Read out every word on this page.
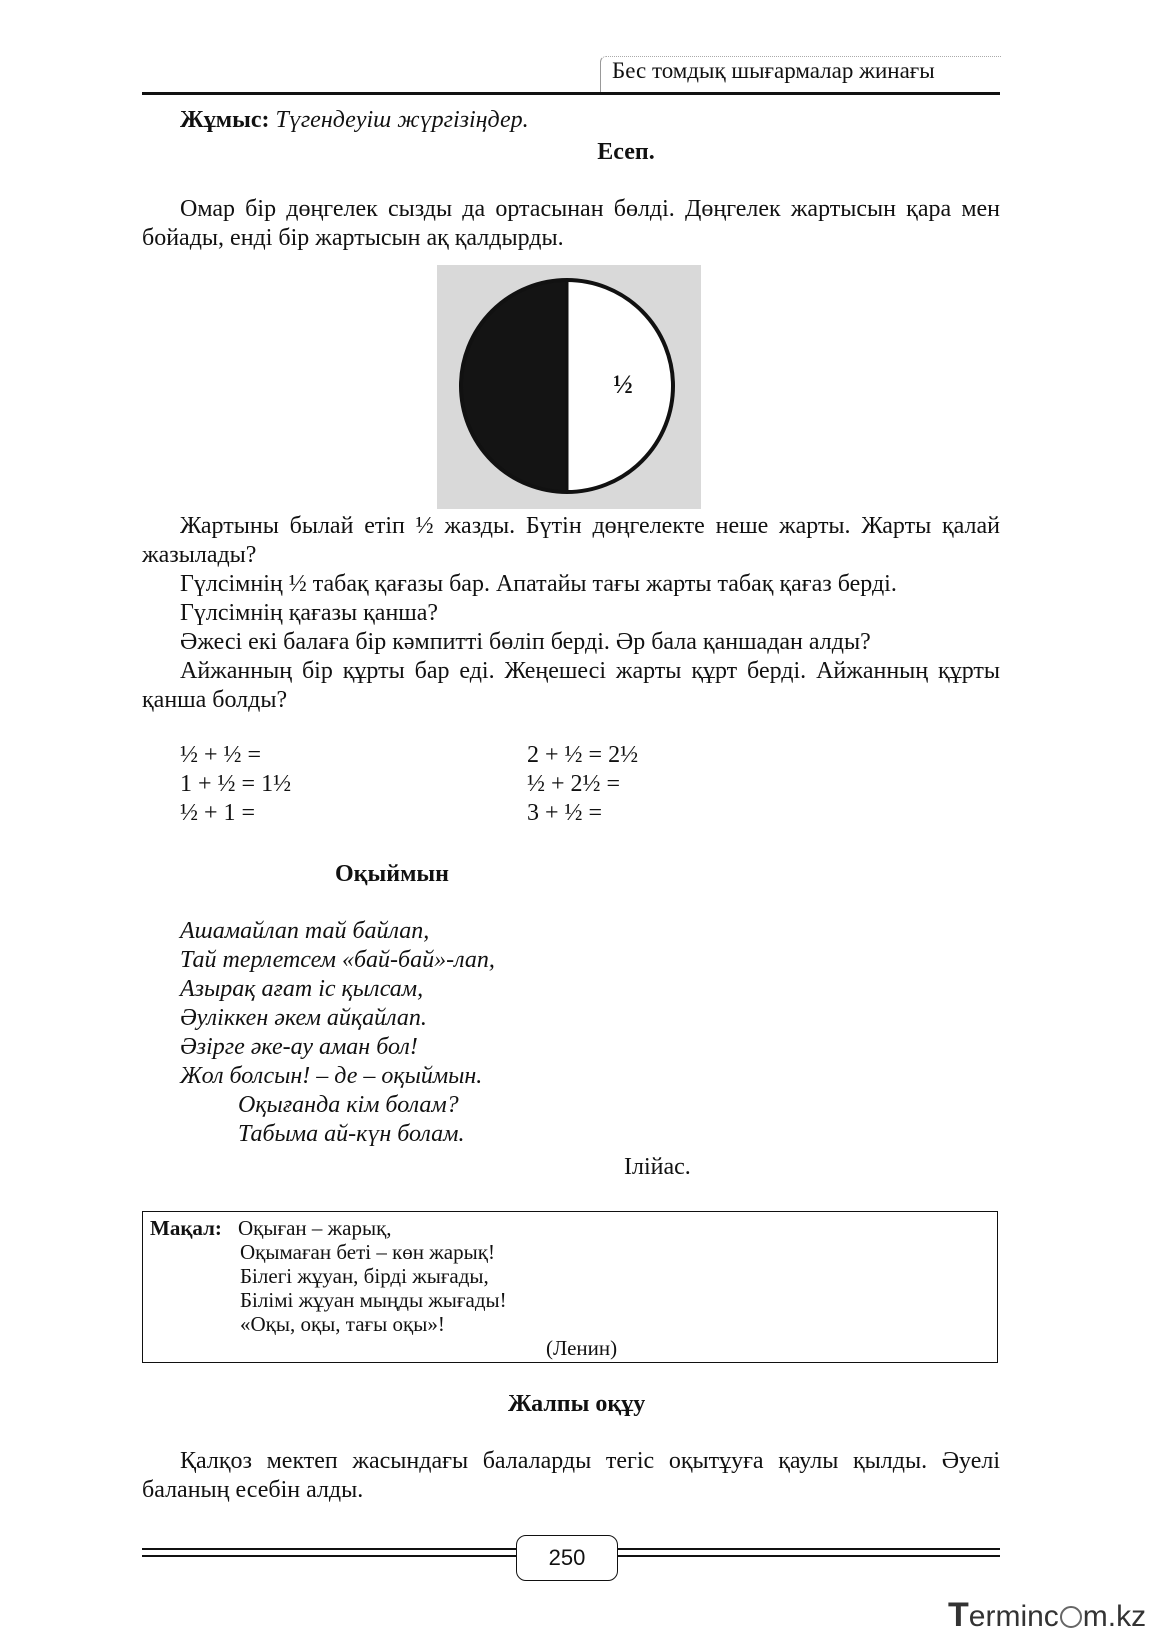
Бес томдық шығармалар жинағы
Жұмыс: Түгендеуіш жүргізіңдер.
Есеп.
Омар бір дөңгелек сызды да ортасынан бөлді. Дөңгелек жартысын қара мен бойады, енді бір жартысын ақ қалдырды.
½
Жартыны былай етіп ½ жазды. Бүтін дөңгелекте неше жарты. Жарты қалай жазылады?
Гүлсімнің ½ табақ қағазы бар. Апатайы тағы жарты табақ қағаз берді.
Гүлсімнің қағазы қанша?
Әжесі екі балаға бір кәмпитті бөліп берді. Әр бала қаншадан алды?
Айжанның бір құрты бар еді. Жеңешесі жарты құрт берді. Айжанның құрты қанша болды?
½ + ½ =
1 + ½ = 1½
½ + 1 =
2 + ½ = 2½
½ + 2½ =
3 + ½ =
Оқыймын
Ашамайлап тай байлап,
Тай терлетсем «бай-бай»-лап,
Азырақ ағат іс қылсам,
Әуліккен әкем айқайлап.
Әзірге әке-ау аман бол!
Жол болсын! – де – оқыймын.
Оқығанда кім болам?
Табыма ай-күн болам.
Ілійас.
Мақал: Оқыған – жарық,
Оқымаған беті – көн жарық!
Білегі жұуан, бірді жығады,
Білімі жұуан мыңды жығады!
«Оқы, оқы, тағы оқы»!
(Ленин)
Жалпы оқұу
Қалқоз мектеп жасындағы балаларды тегіс оқытұуға қаулы қылды. Әуелі баланың есебін алды.
250
Terminc m.kz
